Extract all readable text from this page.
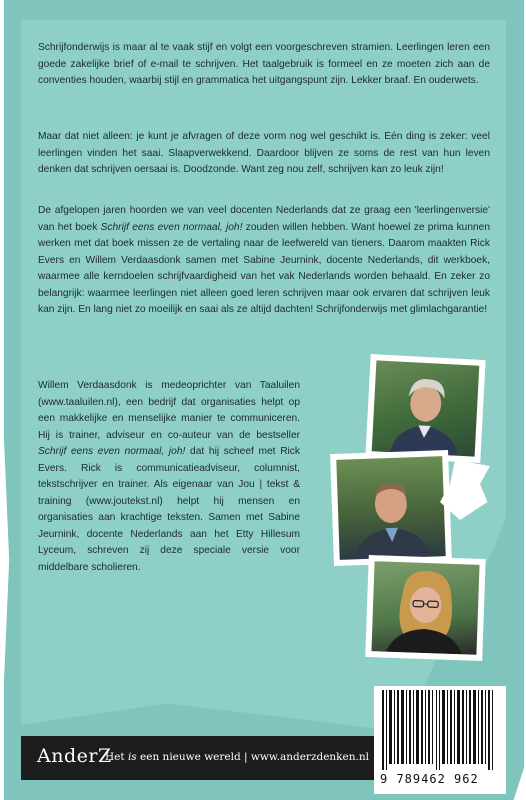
Schrijfonderwijs is maar al te vaak stijf en volgt een voorgeschreven stramien. Leerlingen leren een goede zakelijke brief of e-mail te schrijven. Het taalgebruik is formeel en ze moeten zich aan de conventies houden, waarbij stijl en grammatica het uitgangspunt zijn. Lekker braaf. En ouderwets.

Maar dat niet alleen: je kunt je afvragen of deze vorm nog wel geschikt is. Eén ding is zeker: veel leerlingen vinden het saai. Slaapverwekkend. Daardoor blijven ze soms de rest van hun leven denken dat schrijven oersaai is. Doodzonde. Want zeg nou zelf, schrijven kan zo leuk zijn!

De afgelopen jaren hoorden we van veel docenten Nederlands dat ze graag een 'leerlingenversie' van het boek Schrijf eens even normaal, joh! zouden willen hebben. Want hoewel ze prima kunnen werken met dat boek missen ze de vertaling naar de leefwereld van tieners. Daarom maakten Rick Evers en Willem Verdaasdonk samen met Sabine Jeurnink, docente Nederlands, dit werkboek, waarmee alle kerndoelen schrijfvaardigheid van het vak Nederlands worden behaald. En zeker zo belangrijk: waarmee leerlingen niet alleen goed leren schrijven maar ook ervaren dat schrijven leuk kan zijn. En lang niet zo moeilijk en saai als ze altijd dachten! Schrijfonderwijs met glimlachgarantie!

Willem Verdaasdonk is medeoprichter van Taaluilen (www.taaluilen.nl), een bedrijf dat organisaties helpt op een makkelijke en menselijke manier te communiceren. Hij is trainer, adviseur en co-auteur van de bestseller Schrijf eens even normaal, joh! dat hij scheef met Rick Evers. Rick is communicatieadviseur, columnist, tekstschrijver en trainer. Als eigenaar van Jou | tekst & training (www.joutekst.nl) helpt hij mensen en organisaties aan krachtige teksten. Samen met Sabine Jeurnink, docente Nederlands aan het Etty Hillesum Lyceum, schreven zij deze speciale versie voor middelbare scholieren.

AnderZ
Het is een nieuwe wereld | www.anderzdenken.nl
9 789462 962
